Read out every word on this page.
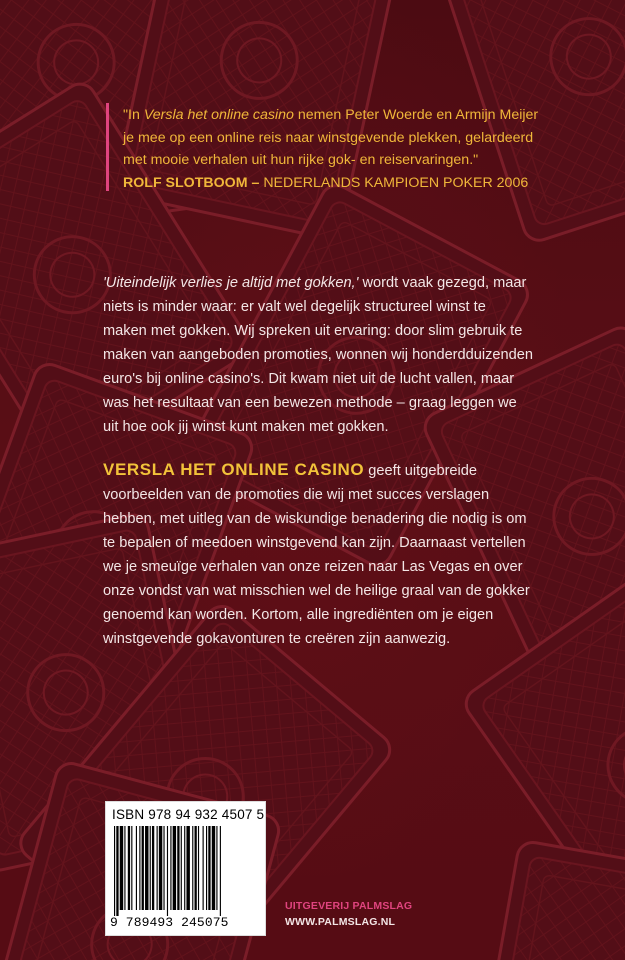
"In Versla het online casino nemen Peter Woerde en Armijn Meijer
je mee op een online reis naar winstgevende plekken, gelardeerd
met mooie verhalen uit hun rijke gok- en reiservaringen."
ROLF SLOTBOOM – NEDERLANDS KAMPIOEN POKER 2006
'Uiteindelijk verlies je altijd met gokken,' wordt vaak gezegd, maar
niets is minder waar: er valt wel degelijk structureel winst te
maken met gokken. Wij spreken uit ervaring: door slim gebruik te
maken van aangeboden promoties, wonnen wij honderdduizenden
euro's bij online casino's. Dit kwam niet uit de lucht vallen, maar
was het resultaat van een bewezen methode – graag leggen we
uit hoe ook jij winst kunt maken met gokken.
VERSLA HET ONLINE CASINO geeft uitgebreide
voorbeelden van de promoties die wij met succes verslagen
hebben, met uitleg van de wiskundige benadering die nodig is om
te bepalen of meedoen winstgevend kan zijn. Daarnaast vertellen
we je smeuïge verhalen van onze reizen naar Las Vegas en over
onze vondst van wat misschien wel de heilige graal van de gokker
genoemd kan worden. Kortom, alle ingrediënten om je eigen
winstgevende gokavonturen te creëren zijn aanwezig.
ISBN 978 94 932 4507 5
9 789493 245075
UITGEVERIJ PALMSLAG
WWW.PALMSLAG.NL
